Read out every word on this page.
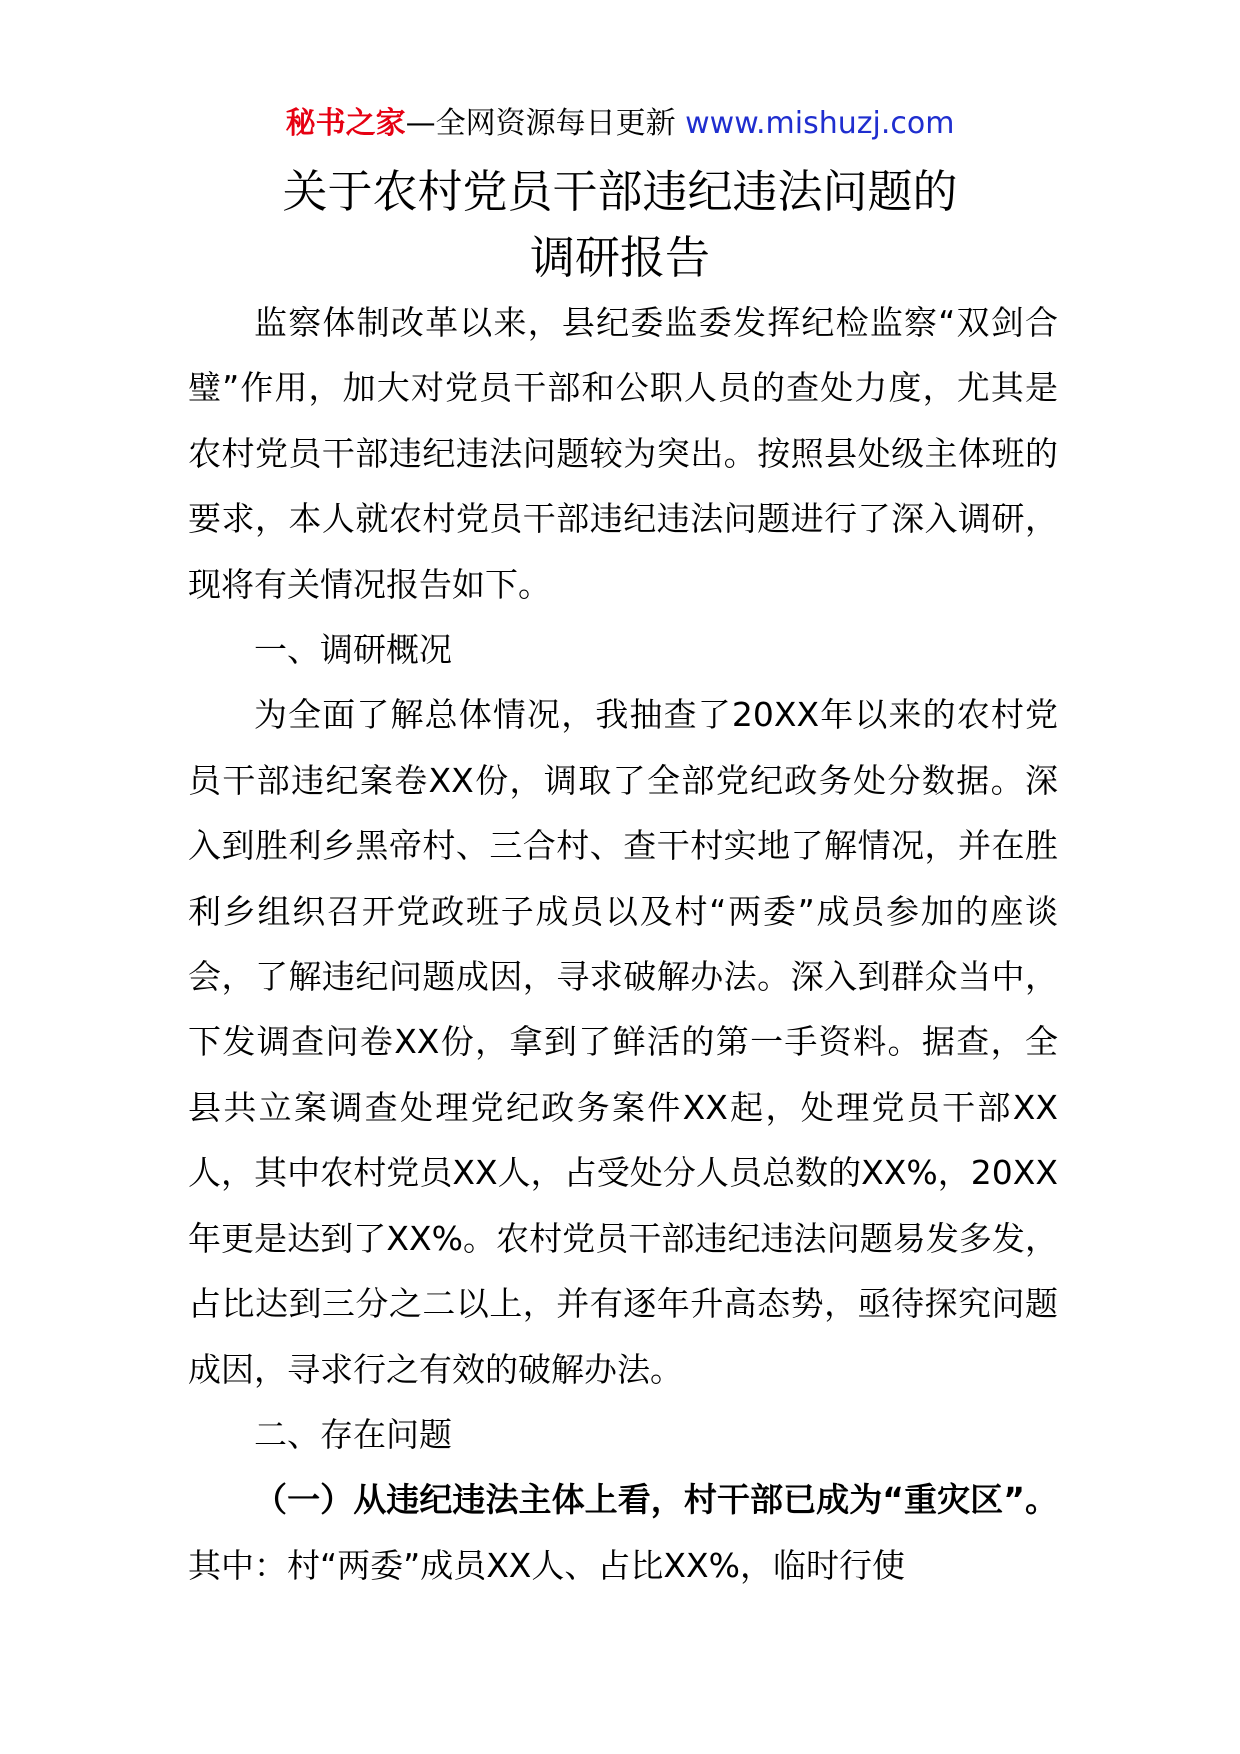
秘书之家—全网资源每日更新 www.mishuzj.com
关于农村党员干部违纪违法问题的
调研报告

监察体制改革以来，县纪委监委发挥纪检监察“双剑合璧”作用，加大对党员干部和公职人员的查处力度，尤其是农村党员干部违纪违法问题较为突出。按照县处级主体班的要求，本人就农村党员干部违纪违法问题进行了深入调研，现将有关情况报告如下。

一、调研概况

为全面了解总体情况，我抽查了20XX年以来的农村党员干部违纪案卷XX份，调取了全部党纪政务处分数据。深入到胜利乡黑帝村、三合村、查干村实地了解情况，并在胜利乡组织召开党政班子成员以及村“两委”成员参加的座谈会，了解违纪问题成因，寻求破解办法。深入到群众当中，下发调查问卷XX份，拿到了鲜活的第一手资料。据查，全县共立案调查处理党纪政务案件XX起，处理党员干部XX人，其中农村党员XX人，占受处分人员总数的XX%，20XX年更是达到了XX%。农村党员干部违纪违法问题易发多发，占比达到三分之二以上，并有逐年升高态势，亟待探究问题成因，寻求行之有效的破解办法。

二、存在问题

（一）从违纪违法主体上看，村干部已成为“重灾区”。其中：村“两委”成员XX人、占比XX%，临时行使
